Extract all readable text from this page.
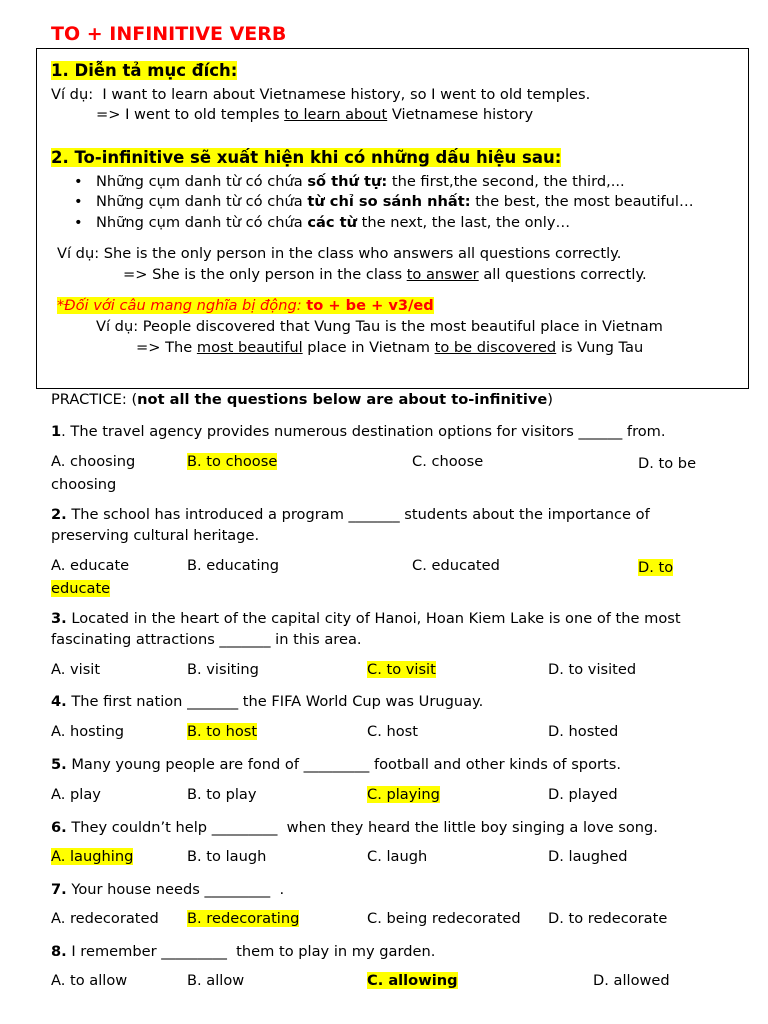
TO + INFINITIVE VERB
1. Diễn tả mục đích:
Ví dụ: I want to learn about Vietnamese history, so I went to old temples.
=> I went to old temples to learn about Vietnamese history
2. To-infinitive sẽ xuất hiện khi có những dấu hiệu sau:
• Những cụm danh từ có chứa số thứ tự: the first,the second, the third,...
• Những cụm danh từ có chứa từ chỉ so sánh nhất: the best, the most beautiful…
• Những cụm danh từ có chứa các từ the next, the last, the only…
Ví dụ: She is the only person in the class who answers all questions correctly.
=> She is the only person in the class to answer all questions correctly.
*Đối với câu mang nghĩa bị động: to + be + v3/ed
Ví dụ: People discovered that Vung Tau is the most beautiful place in Vietnam
=> The most beautiful place in Vietnam to be discovered is Vung Tau
PRACTICE: (not all the questions below are about to-infinitive)
1. The travel agency provides numerous destination options for visitors ______ from.
A. choosing	B. to choose	C. choose	D. to be choosing
2. The school has introduced a program _______ students about the importance of preserving cultural heritage.
A. educate	B. educating	C. educated	D. to educate
3. Located in the heart of the capital city of Hanoi, Hoan Kiem Lake is one of the most fascinating attractions _______ in this area.
A. visit	B. visiting	C. to visit	D. to visited
4. The first nation _______ the FIFA World Cup was Uruguay.
A. hosting	B. to host	C. host	D. hosted
5. Many young people are fond of _________ football and other kinds of sports.
A. play	B. to play	C. playing	D. played
6. They couldn’t help _________  when they heard the little boy singing a love song.
A. laughing	B. to laugh	C. laugh	D. laughed
7. Your house needs _________  .
A. redecorated B. redecorating	C. being redecorated D. to redecorate
8. I remember _________  them to play in my garden.
A. to allow	B. allow	C. allowing	D. allowed
